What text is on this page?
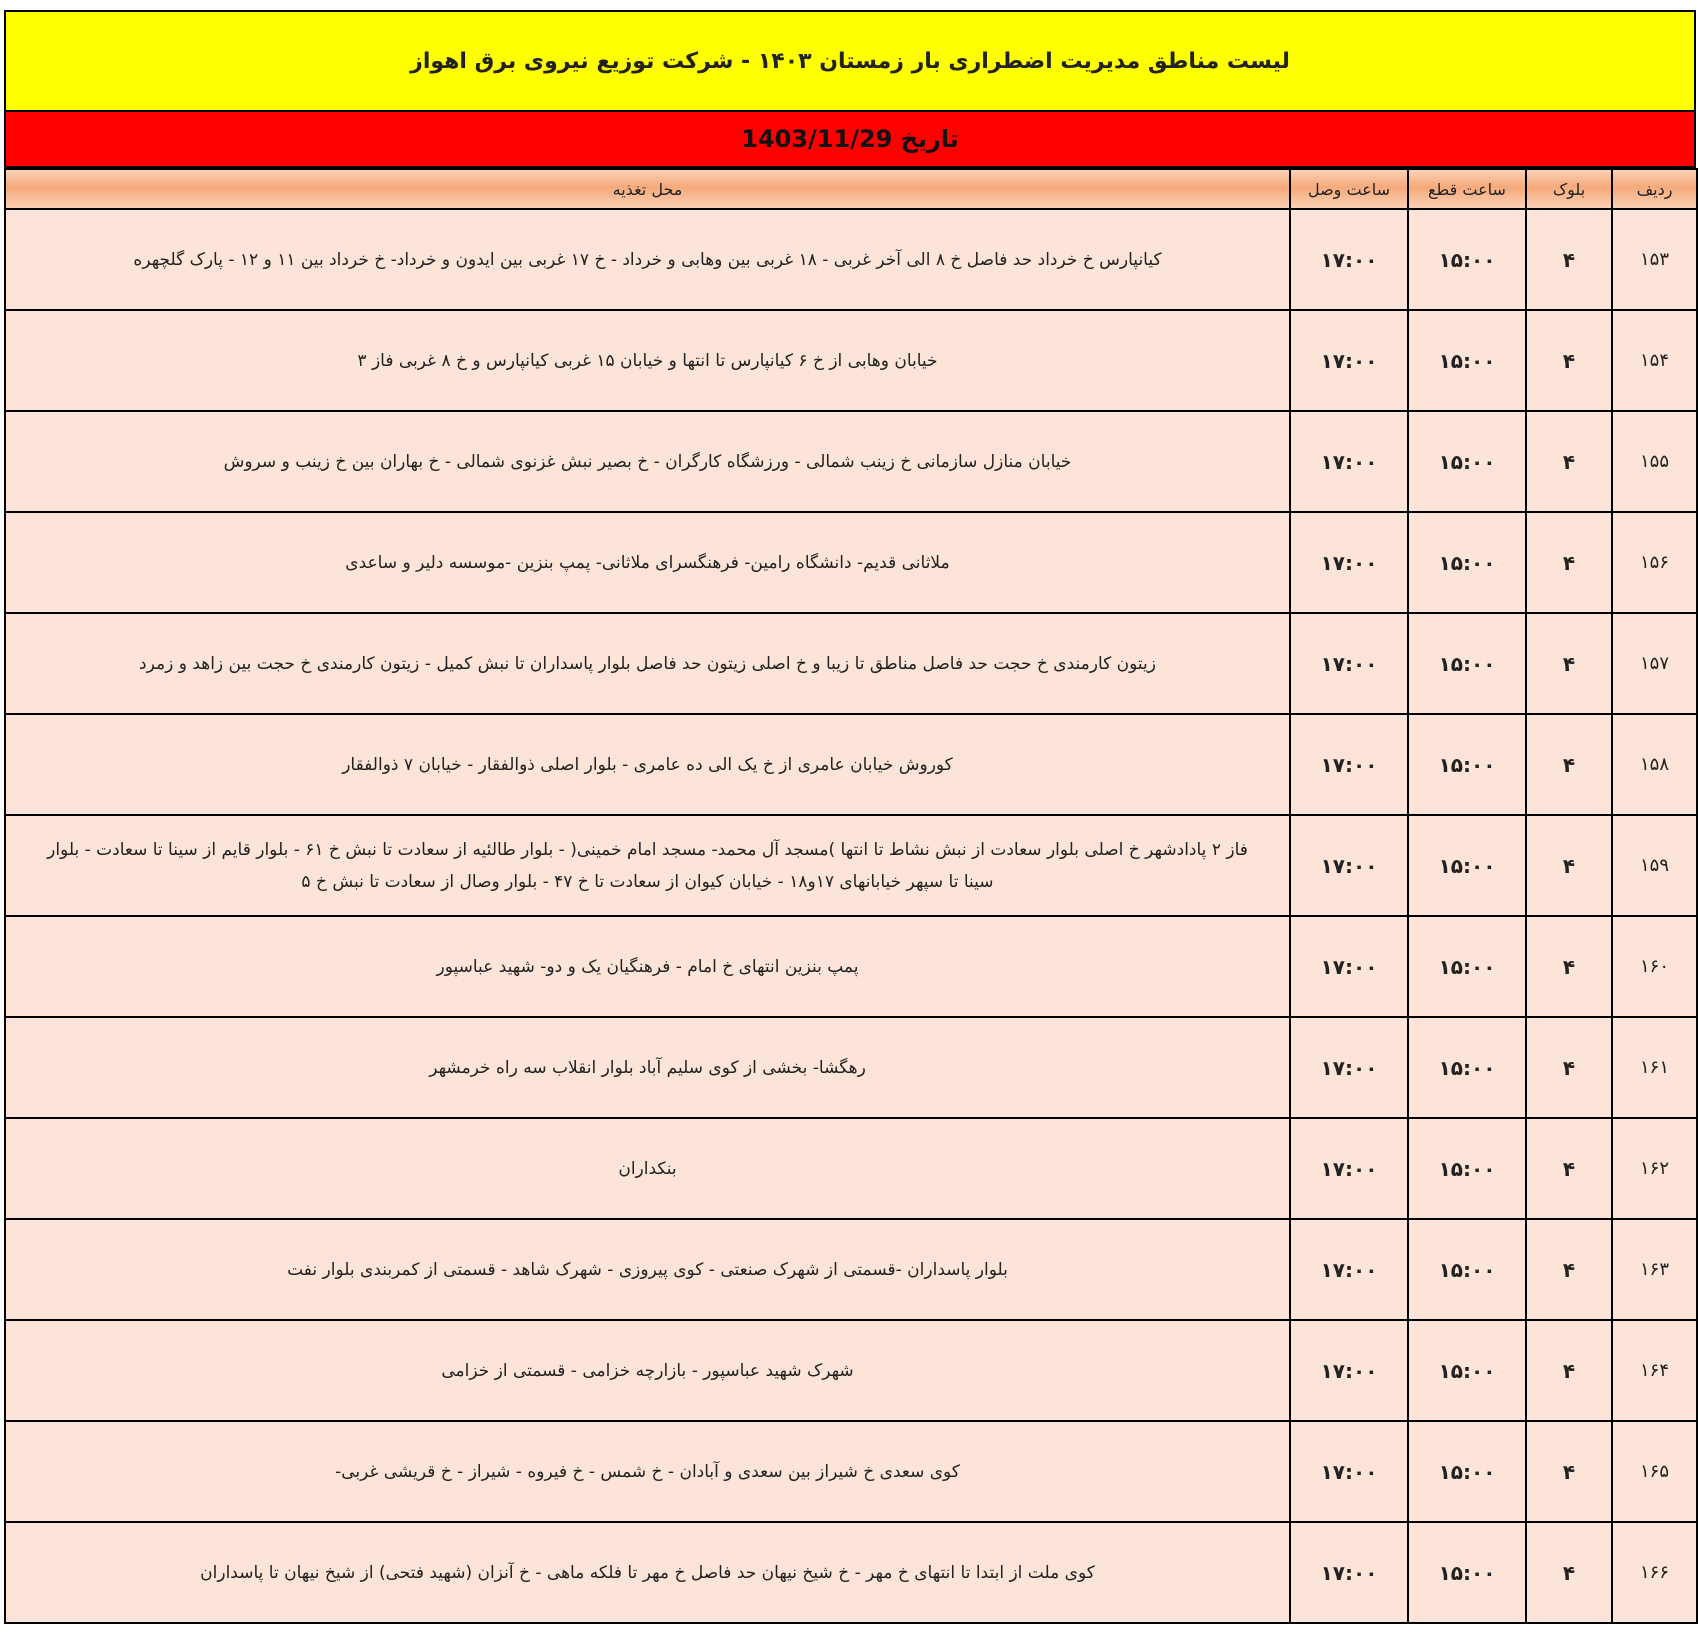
لیست مناطق مدیریت اضطراری بار زمستان ۱۴۰۳ - شرکت توزیع نیروی برق اهواز
تاریخ 1403/11/29
ردیف	بلوک	ساعت قطع	ساعت وصل	محل تغذیه
۱۵۳	۴	۱۵:۰۰	۱۷:۰۰	کیانپارس خ خرداد حد فاصل خ ۸ الی آخر غربی - ۱۸ غربی بین وهابی و خرداد - خ ۱۷ غربی بین ایدون و خرداد- خ خرداد بین ۱۱ و ۱۲ - پارک گلچهره
۱۵۴	۴	۱۵:۰۰	۱۷:۰۰	خیابان وهابی از خ ۶ کیانپارس تا انتها و خیابان ۱۵ غربی کیانپارس و خ ۸ غربی فاز ۳
۱۵۵	۴	۱۵:۰۰	۱۷:۰۰	خیابان منازل سازمانی خ زینب شمالی - ورزشگاه کارگران - خ بصیر نبش غزنوی شمالی - خ بهاران بین خ زینب و سروش
۱۵۶	۴	۱۵:۰۰	۱۷:۰۰	ملاثانی قدیم- دانشگاه رامین- فرهنگسرای ملاثانی- پمپ بنزین -موسسه دلیر و ساعدی
۱۵۷	۴	۱۵:۰۰	۱۷:۰۰	زیتون کارمندی خ حجت حد فاصل مناطق تا زیبا و خ اصلی زیتون حد فاصل بلوار پاسداران تا نبش کمیل - زیتون کارمندی خ حجت بین زاهد و زمرد
۱۵۸	۴	۱۵:۰۰	۱۷:۰۰	کوروش خیابان عامری از خ یک الی ده عامری - بلوار اصلی ذوالفقار - خیابان ۷ ذوالفقار
۱۵۹	۴	۱۵:۰۰	۱۷:۰۰	فاز ۲ پادادشهر خ اصلی بلوار سعادت از نبش نشاط تا انتها )مسجد آل محمد- مسجد امام خمینی( - بلوار طالئیه از سعادت تا نبش خ ۶۱ - بلوار قایم از سینا تا سعادت - بلوار سینا تا سپهر خیابانهای ۱۷و۱۸ - خیابان کیوان از سعادت تا خ ۴۷ - بلوار وصال از سعادت تا نبش خ ۵
۱۶۰	۴	۱۵:۰۰	۱۷:۰۰	پمپ بنزین انتهای خ امام - فرهنگیان یک و دو- شهید عباسپور
۱۶۱	۴	۱۵:۰۰	۱۷:۰۰	رهگشا- بخشی از کوی سلیم آباد بلوار انقلاب سه راه خرمشهر
۱۶۲	۴	۱۵:۰۰	۱۷:۰۰	بنکداران
۱۶۳	۴	۱۵:۰۰	۱۷:۰۰	بلوار پاسداران -قسمتی از شهرک صنعتی - کوی پیروزی - شهرک شاهد - قسمتی از کمربندی بلوار نفت
۱۶۴	۴	۱۵:۰۰	۱۷:۰۰	شهرک شهید عباسپور - بازارچه خزامی - قسمتی از خزامی
۱۶۵	۴	۱۵:۰۰	۱۷:۰۰	کوی سعدی خ شیراز بین سعدی و آبادان - خ شمس - خ فیروه - شیراز - خ قریشی غربی-
۱۶۶	۴	۱۵:۰۰	۱۷:۰۰	کوی ملت از ابتدا تا انتهای خ مهر - خ شیخ نیهان حد فاصل خ مهر تا فلکه ماهی - خ آنزان (شهید فتحی) از شیخ نیهان تا پاسداران
